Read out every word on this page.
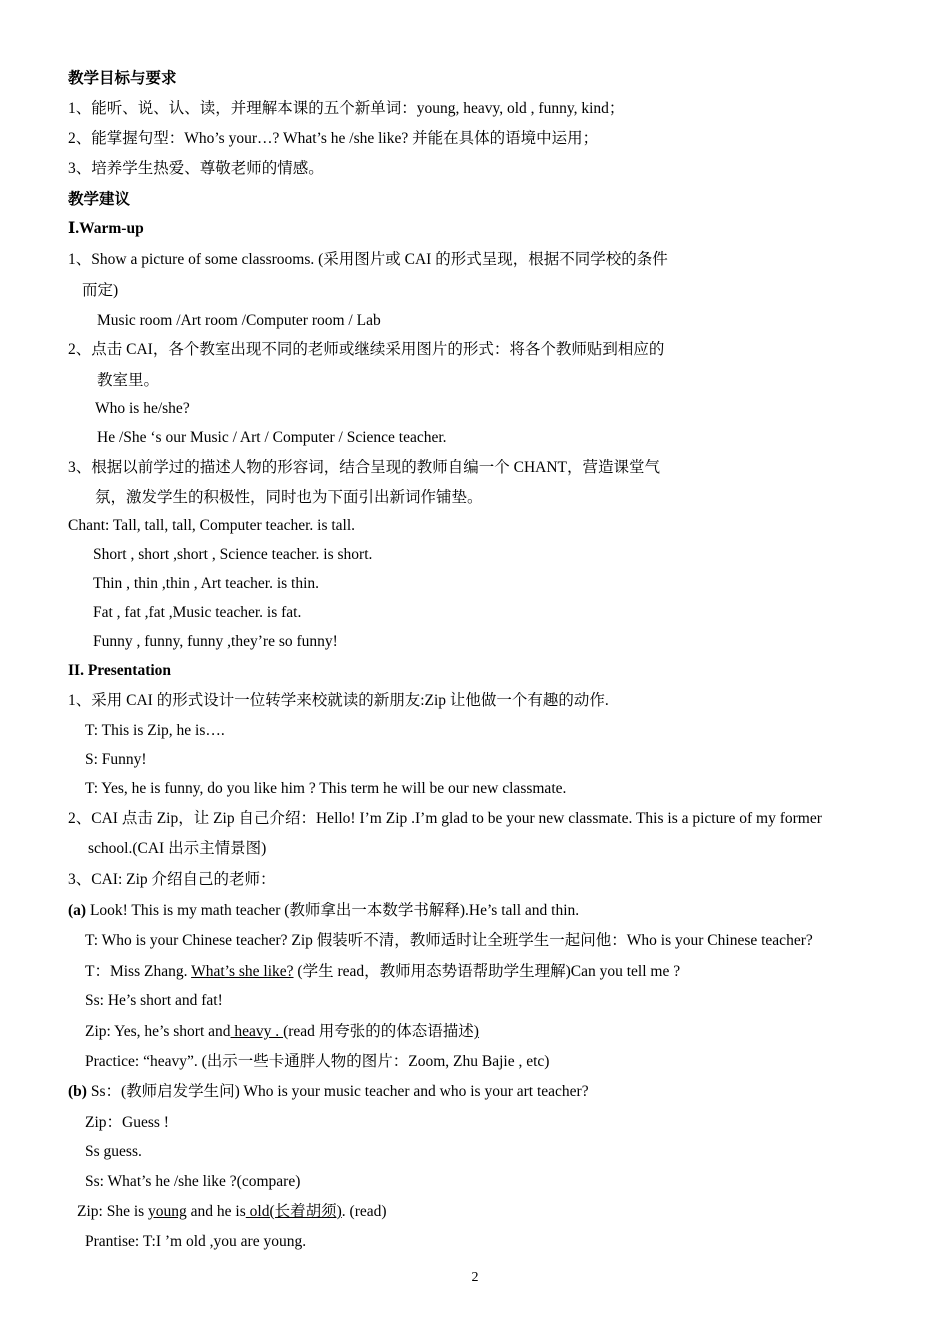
教学目标与要求
1、能听、说、认、读，并理解本课的五个新单词：young, heavy, old , funny, kind；
2、能掌握句型：Who’s your…? What’s he /she like? 并能在具体的语境中运用；
3、培养学生热爱、尊敬老师的情感。
教学建议
Ⅰ.Warm-up
1、Show a picture of some classrooms. (采用图片或 CAI 的形式呈现，根据不同学校的条件
而定)
Music room /Art room /Computer room / Lab
2、点击 CAI，各个教室出现不同的老师或继续采用图片的形式：将各个教师贴到相应的
教室里。
Who is he/she?
He /She ‘s our Music / Art / Computer / Science teacher.
3、根据以前学过的描述人物的形容词，结合呈现的教师自编一个 CHANT，营造课堂气
氛，激发学生的积极性，同时也为下面引出新词作铺垫。
Chant: Tall, tall, tall, Computer teacher. is tall.
Short , short ,short , Science teacher. is short.
Thin , thin ,thin , Art teacher. is thin.
Fat , fat ,fat ,Music teacher. is fat.
Funny , funny, funny ,they’re so funny!
II. Presentation
1、采用 CAI 的形式设计一位转学来校就读的新朋友:Zip 让他做一个有趣的动作.
T: This is Zip, he is….
S: Funny!
T: Yes, he is funny, do you like him ? This term he will be our new classmate.
2、CAI 点击 Zip，让 Zip 自己介绍：Hello! I’m Zip .I’m glad to be your new classmate. This is a picture of my former
school.(CAI 出示主情景图)
3、CAI: Zip 介绍自己的老师：
(a) Look! This is my math teacher (教师拿出一本数学书解释).He’s tall and thin.
T: Who is your Chinese teacher? Zip 假装听不清，教师适时让全班学生一起问他：Who is your Chinese teacher?
T：Miss Zhang. What’s she like? (学生 read，教师用态势语帮助学生理解)Can you tell me ?
Ss: He’s short and fat!
Zip: Yes, he’s short and heavy . (read 用夸张的的体态语描述)
Practice: “heavy”. (出示一些卡通胖人物的图片：Zoom, Zhu Bajie , etc)
(b) Ss：(教师启发学生问) Who is your music teacher and who is your art teacher?
Zip：Guess !
Ss guess.
Ss: What’s he /she like ?(compare)
Zip: She is young and he is old(长着胡须). (read)
Prantise: T:I ’m old ,you are young.
2
